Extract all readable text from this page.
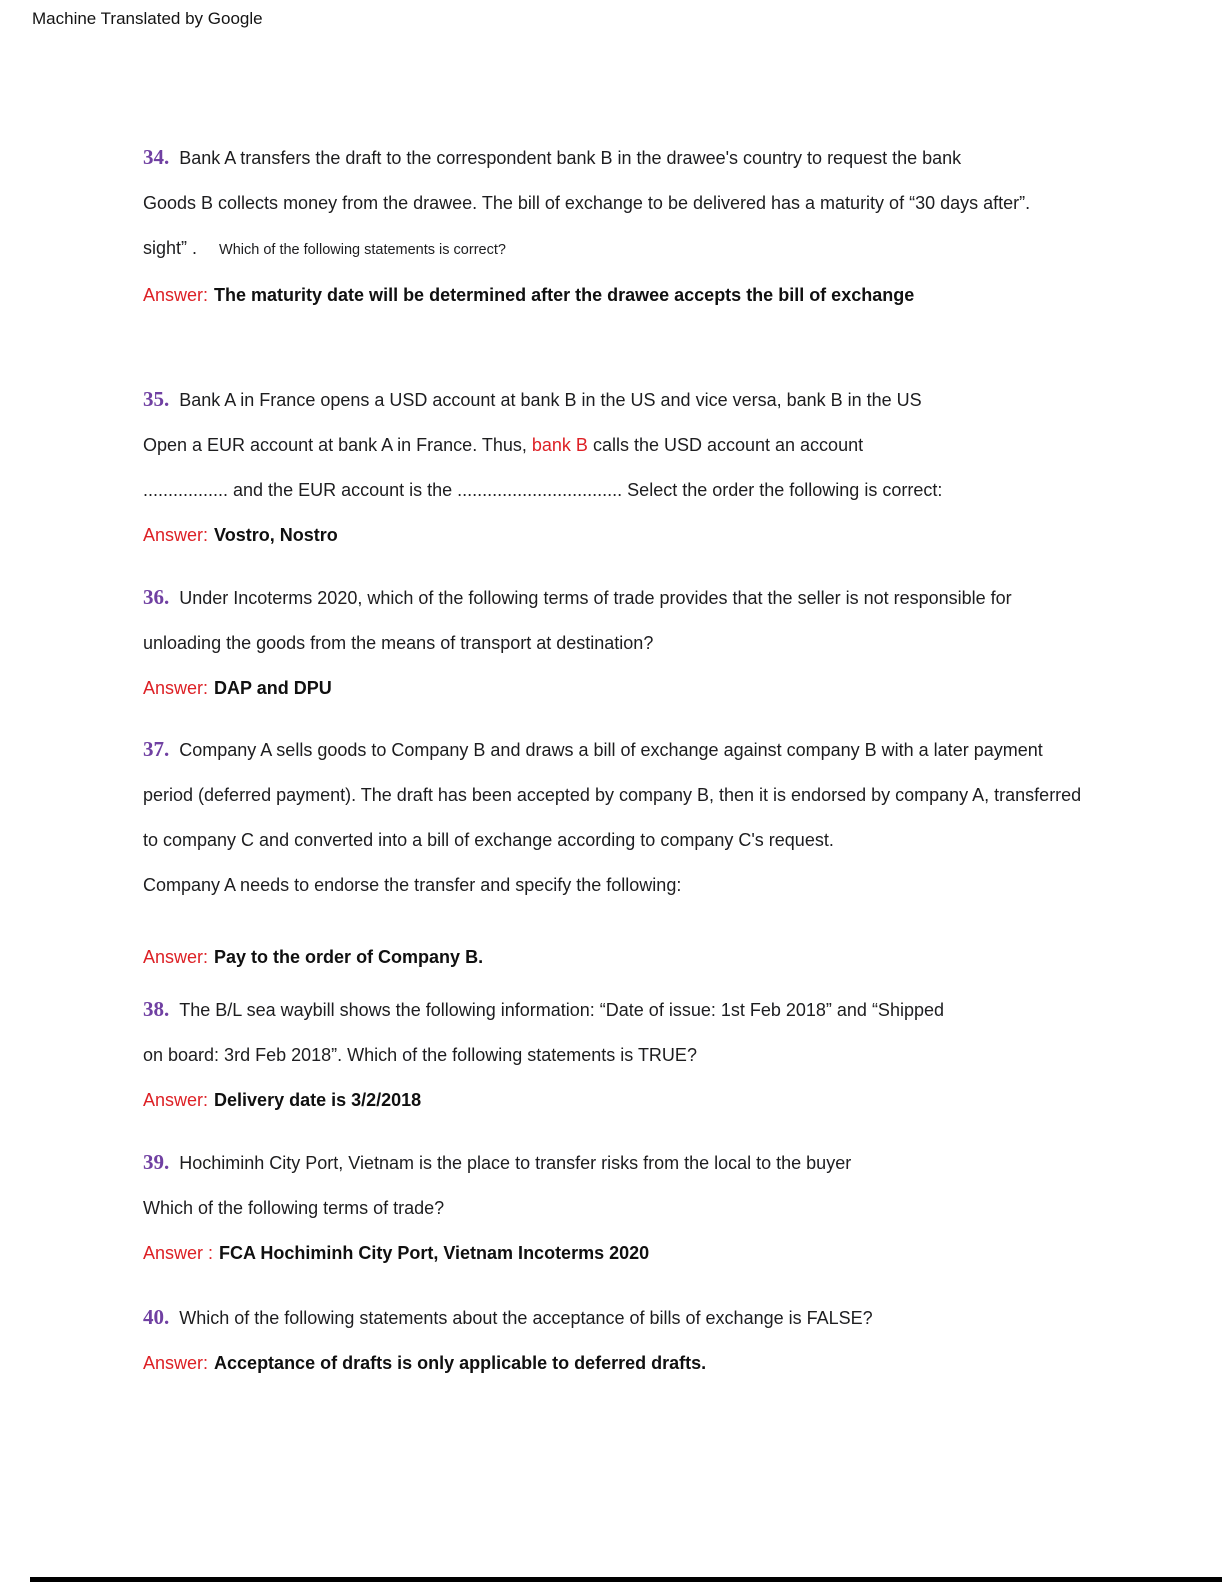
Machine Translated by Google

34. Bank A transfers the draft to the correspondent bank B in the drawee's country to request the bank

Goods B collects money from the drawee. The bill of exchange to be delivered has a maturity of “30 days after”.

sight” . Which of the following statements is correct?

Answer: The maturity date will be determined after the drawee accepts the bill of exchange

35. Bank A in France opens a USD account at bank B in the US and vice versa, bank B in the US

Open a EUR account at bank A in France. Thus, bank B calls the USD account an account

................. and the EUR account is the ................................. Select the order the following is correct:

Answer: Vostro, Nostro

36. Under Incoterms 2020, which of the following terms of trade provides that the seller is not responsible for

unloading the goods from the means of transport at destination?

Answer: DAP and DPU

37. Company A sells goods to Company B and draws a bill of exchange against company B with a later payment

period (deferred payment). The draft has been accepted by company B, then it is endorsed by company A, transferred

to company C and converted into a bill of exchange according to company C's request.

Company A needs to endorse the transfer and specify the following:

Answer: Pay to the order of Company B.

38. The B/L sea waybill shows the following information: “Date of issue: 1st Feb 2018” and “Shipped

on board: 3rd Feb 2018”. Which of the following statements is TRUE?

Answer: Delivery date is 3/2/2018

39. Hochiminh City Port, Vietnam is the place to transfer risks from the local to the buyer

Which of the following terms of trade?

Answer : FCA Hochiminh City Port, Vietnam Incoterms 2020

40. Which of the following statements about the acceptance of bills of exchange is FALSE?

Answer: Acceptance of drafts is only applicable to deferred drafts.
